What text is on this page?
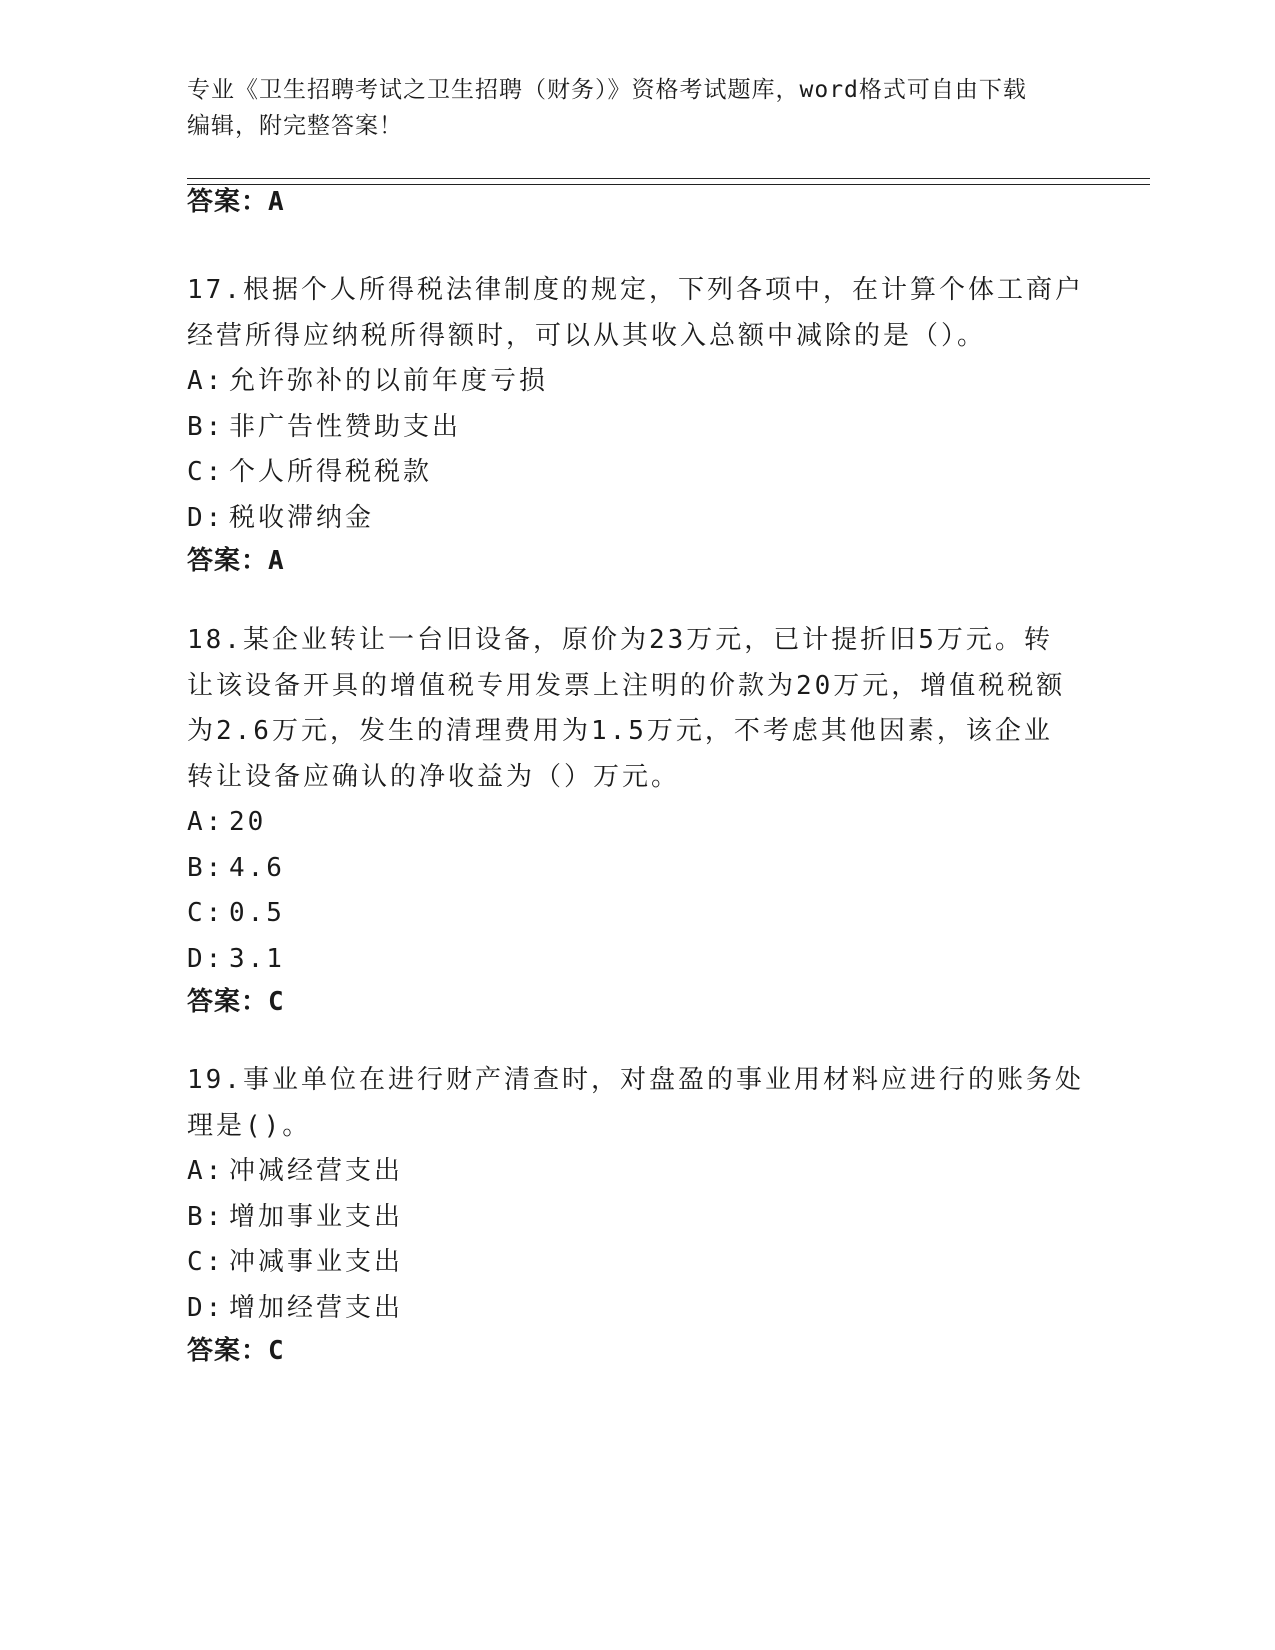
专业《卫生招聘考试之卫生招聘（财务）》资格考试题库，word格式可自由下载
编辑，附完整答案！
答案：A
17.根据个人所得税法律制度的规定，下列各项中，在计算个体工商户
经营所得应纳税所得额时，可以从其收入总额中减除的是（）。
A: 允许弥补的以前年度亏损
B: 非广告性赞助支出
C: 个人所得税税款
D: 税收滞纳金
答案：A
18.某企业转让一台旧设备，原价为23万元，已计提折旧5万元。转
让该设备开具的增值税专用发票上注明的价款为20万元，增值税税额
为2.6万元，发生的清理费用为1.5万元，不考虑其他因素，该企业
转让设备应确认的净收益为（）万元。
A: 20
B: 4.6
C: 0.5
D: 3.1
答案：C
19.事业单位在进行财产清查时，对盘盈的事业用材料应进行的账务处
理是()。
A: 冲减经营支出
B: 增加事业支出
C: 冲减事业支出
D: 增加经营支出
答案：C
